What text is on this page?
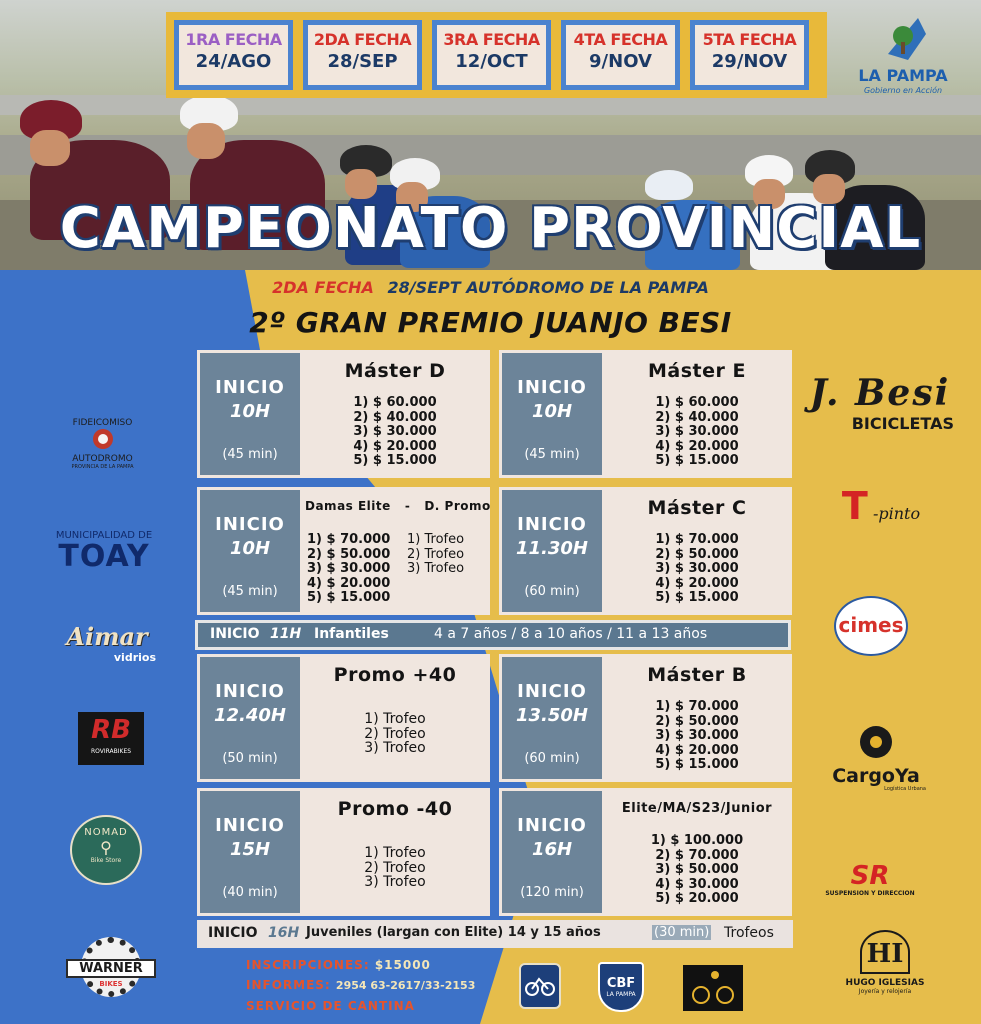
1RA FECHA
24/AGO
2DA FECHA
28/SEP
3RA FECHA
12/OCT
4TA FECHA
9/NOV
5TA FECHA
29/NOV
LA PAMPA
Gobierno en Acción
CAMPEONATO PROVINCIAL
2DA FECHA 28/SEPT AUTÓDROMO DE LA PAMPA
2º GRAN PREMIO JUANJO BESI
INICIO
10H
(45 min)
Máster D
1) $ 60.000
2) $ 40.000
3) $ 30.000
4) $ 20.000
5) $ 15.000
INICIO
10H
(45 min)
Máster E
1) $ 60.000
2) $ 40.000
3) $ 30.000
4) $ 20.000
5) $ 15.000
INICIO
10H
(45 min)
Damas Elite   -   D. Promo
1) $ 70.000
2) $ 50.000
3) $ 30.000
4) $ 20.000
5) $ 15.000
1) Trofeo
2) Trofeo
3) Trofeo
INICIO
11.30H
(60 min)
Máster C
1) $ 70.000
2) $ 50.000
3) $ 30.000
4) $ 20.000
5) $ 15.000
INICIO 11H Infantiles	4 a 7 años / 8 a 10 años / 11 a 13 años
INICIO
12.40H
(50 min)
Promo +40
1) Trofeo
2) Trofeo
3) Trofeo
INICIO
13.50H
(60 min)
Máster B
1) $ 70.000
2) $ 50.000
3) $ 30.000
4) $ 20.000
5) $ 15.000
INICIO
15H
(40 min)
Promo -40
1) Trofeo
2) Trofeo
3) Trofeo
INICIO
16H
(120 min)
Elite/MA/S23/Junior
1) $ 100.000
2) $ 70.000
3) $ 50.000
4) $ 30.000
5) $ 20.000
INICIO 16H Juveniles (largan con Elite) 14 y 15 años	(30 min) Trofeos
INSCRIPCIONES: $15000
INFORMES: 2954 63-2617/33-2153
SERVICIO DE CANTINA
FIDEICOMISO
AUTODROMO
PROVINCIA DE LA PAMPA
MUNICIPALIDAD DE
TOAY
Aimar
vidrios
RB
ROVIRABIKES
NOMAD
⚲
Bike Store
WARNER
BIKES
J. Besi
BICICLETAS
T -pinto
cimes
CargoYa
Logística Urbana
SR
SUSPENSION Y DIRECCION
HI
HUGO IGLESIAS
Joyería y relojería
CBF
LA PAMPA
